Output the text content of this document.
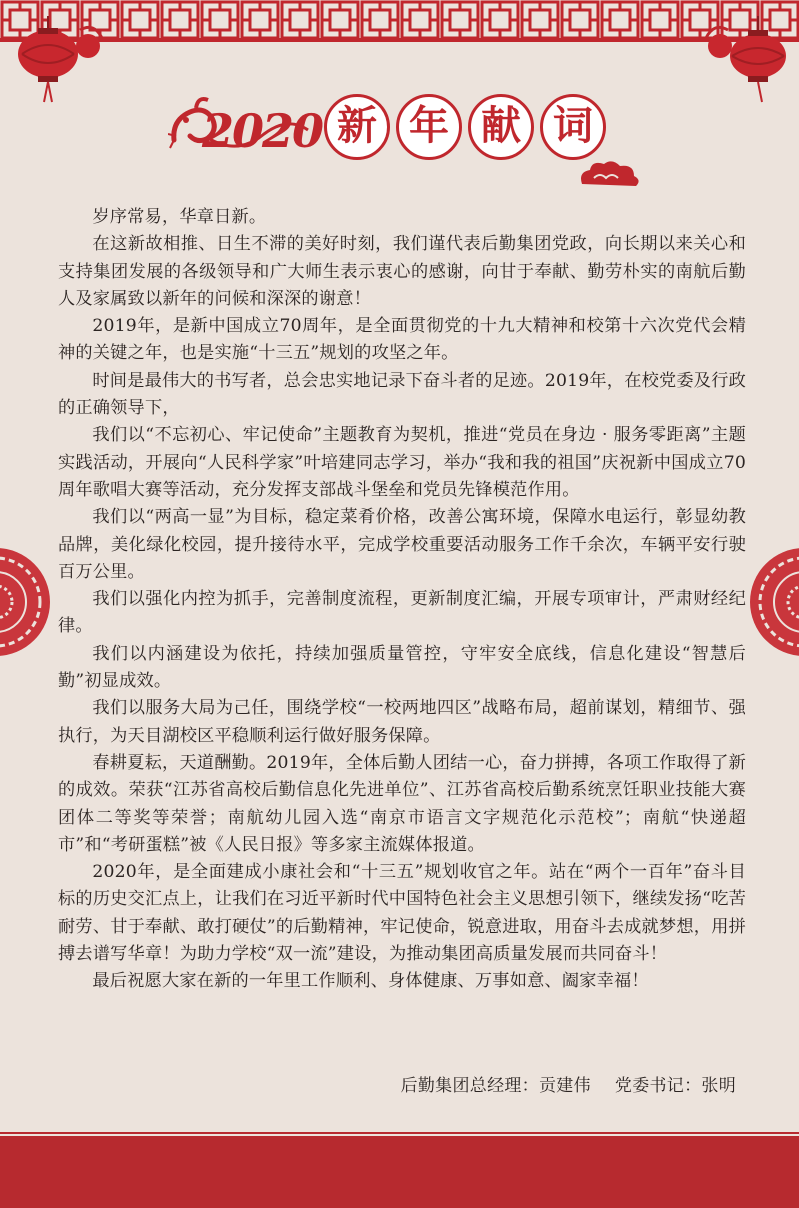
2020 新 年 献 词

岁序常易，华章日新。

在这新故相推、日生不滞的美好时刻，我们谨代表后勤集团党政，向长期以来关心和支持集团发展的各级领导和广大师生表示衷心的感谢，向甘于奉献、勤劳朴实的南航后勤人及家属致以新年的问候和深深的谢意！

2019年，是新中国成立70周年，是全面贯彻党的十九大精神和校第十六次党代会精神的关键之年，也是实施“十三五”规划的攻坚之年。

时间是最伟大的书写者，总会忠实地记录下奋斗者的足迹。2019年，在校党委及行政的正确领导下，

我们以“不忘初心、牢记使命”主题教育为契机，推进“党员在身边 · 服务零距离”主题实践活动，开展向“人民科学家”叶培建同志学习，举办“我和我的祖国”庆祝新中国成立70周年歌唱大赛等活动，充分发挥支部战斗堡垒和党员先锋模范作用。

我们以“两高一显”为目标，稳定菜肴价格，改善公寓环境，保障水电运行，彰显幼教品牌，美化绿化校园，提升接待水平，完成学校重要活动服务工作千余次，车辆平安行驶百万公里。

我们以强化内控为抓手，完善制度流程，更新制度汇编，开展专项审计，严肃财经纪律。

我们以内涵建设为依托，持续加强质量管控，守牢安全底线，信息化建设“智慧后勤”初显成效。

我们以服务大局为己任，围绕学校“一校两地四区”战略布局，超前谋划，精细节、强执行，为天目湖校区平稳顺利运行做好服务保障。

春耕夏耘，天道酬勤。2019年，全体后勤人团结一心，奋力拼搏，各项工作取得了新的成效。荣获“江苏省高校后勤信息化先进单位”、江苏省高校后勤系统烹饪职业技能大赛团体二等奖等荣誉；南航幼儿园入选“南京市语言文字规范化示范校”；南航“快递超市”和“考研蛋糕”被《人民日报》等多家主流媒体报道。

2020年，是全面建成小康社会和“十三五”规划收官之年。站在“两个一百年”奋斗目标的历史交汇点上，让我们在习近平新时代中国特色社会主义思想引领下，继续发扬“吃苦耐劳、甘于奉献、敢打硬仗”的后勤精神，牢记使命，锐意进取，用奋斗去成就梦想，用拼搏去谱写华章！为助力学校“双一流”建设，为推动集团高质量发展而共同奋斗！

最后祝愿大家在新的一年里工作顺利、身体健康、万事如意、阖家幸福！

后勤集团总经理：贡建伟 党委书记：张明
